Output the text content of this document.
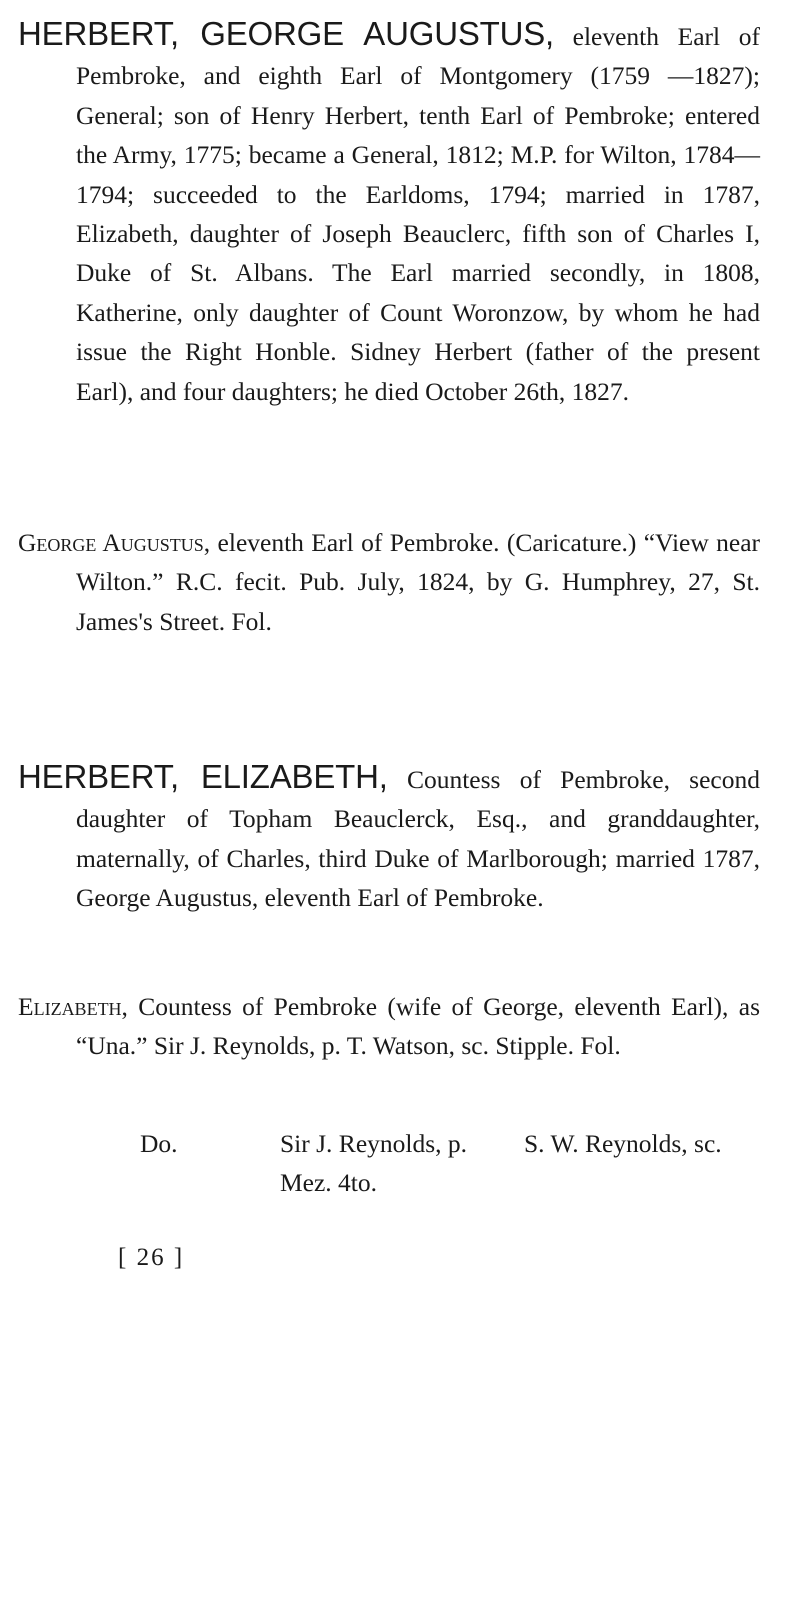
HERBERT, GEORGE AUGUSTUS, eleventh Earl of Pembroke, and eighth Earl of Montgomery (1759 —1827); General; son of Henry Herbert, tenth Earl of Pembroke; entered the Army, 1775; became a General, 1812; M.P. for Wilton, 1784—1794; succeeded to the Earldoms, 1794; married in 1787, Elizabeth, daughter of Joseph Beauclerc, fifth son of Charles I, Duke of St. Albans. The Earl married secondly, in 1808, Katherine, only daughter of Count Woronzow, by whom he had issue the Right Honble. Sidney Herbert (father of the present Earl), and four daughters; he died October 26th, 1827.

George Augustus, eleventh Earl of Pembroke. (Caricature.) “View near Wilton.” R.C. fecit. Pub. July, 1824, by G. Humphrey, 27, St. James's Street. Fol.

HERBERT, ELIZABETH, Countess of Pembroke, second daughter of Topham Beauclerck, Esq., and granddaughter, maternally, of Charles, third Duke of Marlborough; married 1787, George Augustus, eleventh Earl of Pembroke.

Elizabeth, Countess of Pembroke (wife of George, eleventh Earl), as “Una.” Sir J. Reynolds, p. T. Watson, sc. Stipple. Fol.

Do.	Sir J. Reynolds, p. S. W. Reynolds, sc.
Mez. 4to.
[ 26 ]
